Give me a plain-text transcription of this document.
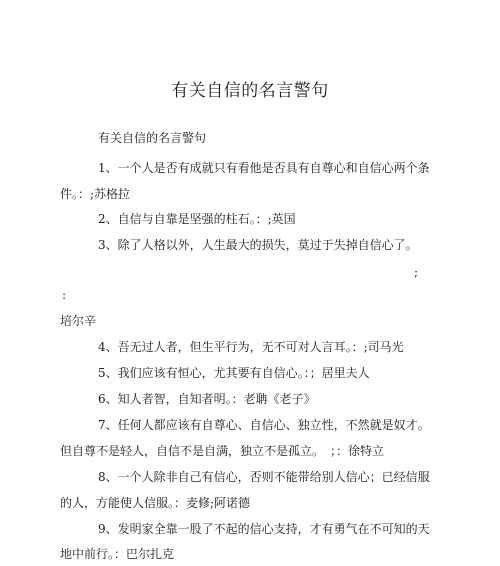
有关自信的名言警句
有关自信的名言警句
1、一个人是否有成就只有看他是否具有自尊心和自信心两个条
件。：;苏格拉
2、自信与自靠是坚强的柱石。：;英国
3、除了人格以外，人生最大的损失，莫过于失掉自信心了。
;
:
培尔辛
4、吾无过人者，但生平行为，无不可对人言耳。：;司马光
5、我们应该有恒心，尤其要有自信心。：；居里夫人
6、知人者智，自知者明。：老聃《老子》
7、任何人都应该有自尊心、自信心、独立性，不然就是奴才。
但自尊不是轻人，自信不是自满，独立不是孤立。　；：徐特立
8、一个人除非自己有信心，否则不能带给别人信心；已经信服
的人，方能使人信服。：麦修;阿诺德
9、发明家全靠一股了不起的信心支持，才有勇气在不可知的天
地中前行。：巴尔扎克
